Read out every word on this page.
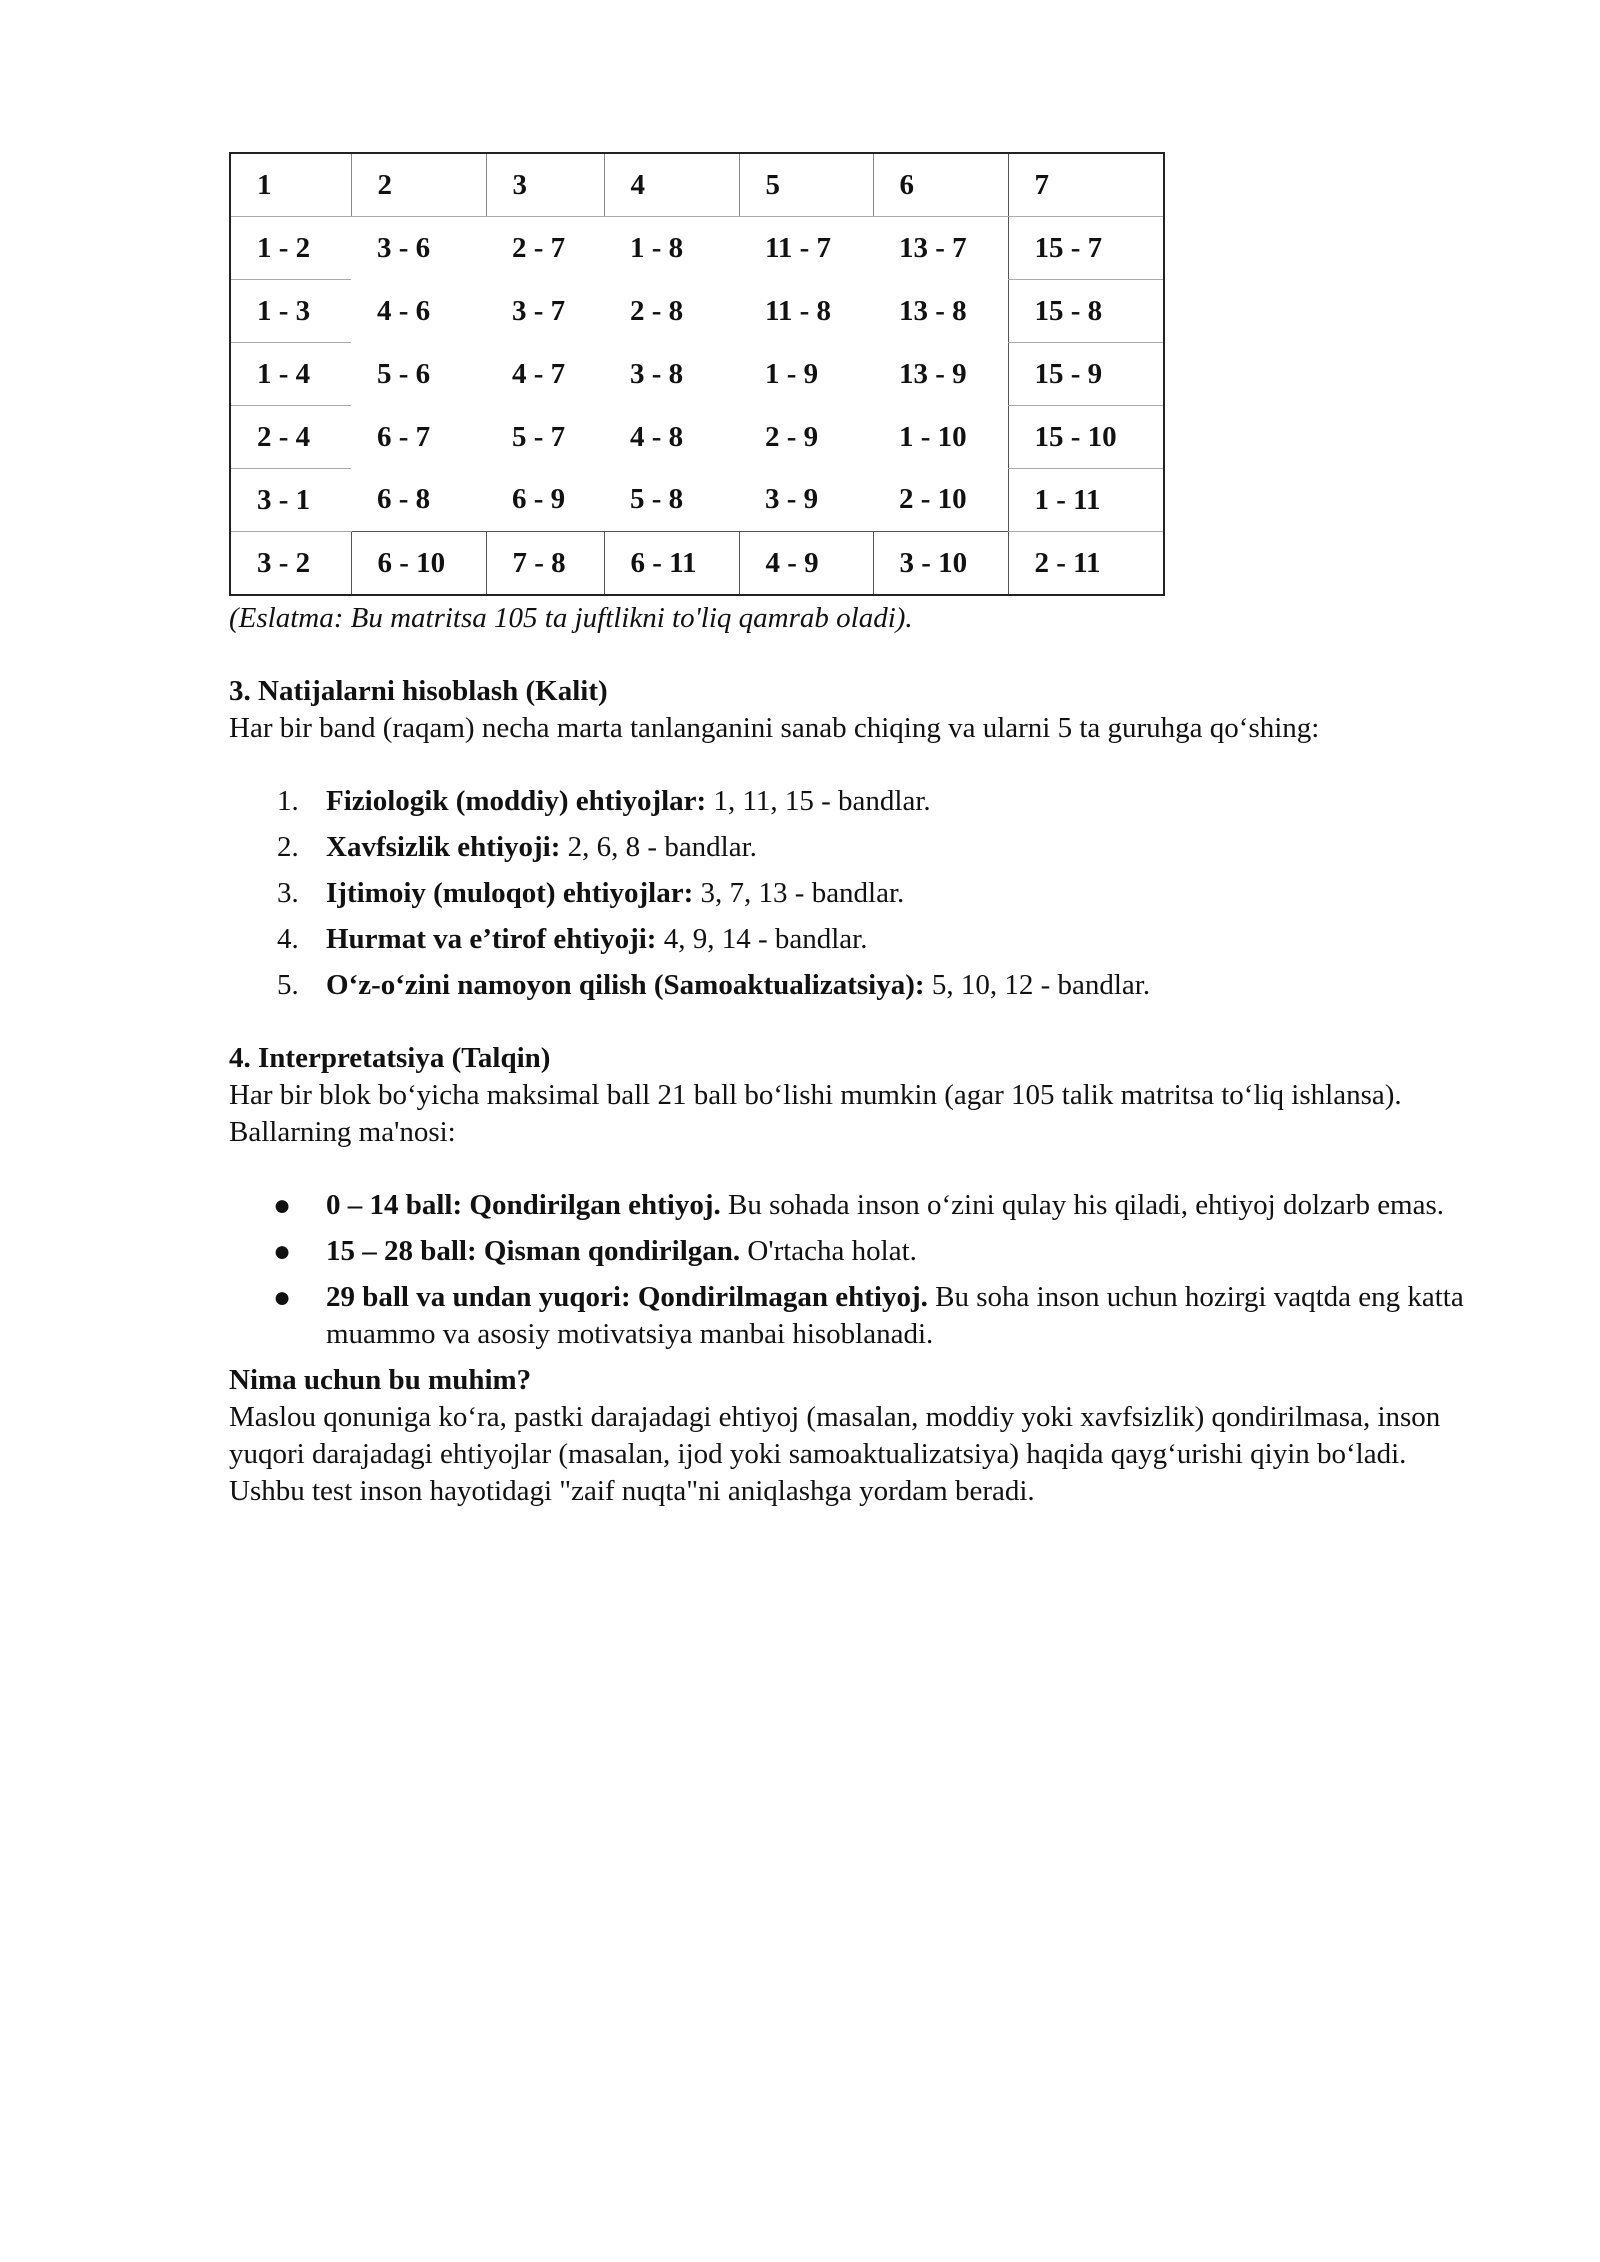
1	2	3	4	5	6	7
1 - 2	3 - 6	2 - 7	1 - 8	11 - 7	13 - 7	15 - 7
1 - 3	4 - 6	3 - 7	2 - 8	11 - 8	13 - 8	15 - 8
1 - 4	5 - 6	4 - 7	3 - 8	1 - 9	13 - 9	15 - 9
2 - 4	6 - 7	5 - 7	4 - 8	2 - 9	1 - 10	15 - 10
3 - 1	6 - 8	6 - 9	5 - 8	3 - 9	2 - 10	1 - 11
3 - 2	6 - 10	7 - 8	6 - 11	4 - 9	3 - 10	2 - 11

(Eslatma: Bu matritsa 105 ta juftlikni to'liq qamrab oladi).

3. Natijalarni hisoblash (Kalit)

Har bir band (raqam) necha marta tanlanganini sanab chiqing va ularni 5 ta guruhga qo‘shing:

1. Fiziologik (moddiy) ehtiyojlar: 1, 11, 15 - bandlar.
2. Xavfsizlik ehtiyoji: 2, 6, 8 - bandlar.
3. Ijtimoiy (muloqot) ehtiyojlar: 3, 7, 13 - bandlar.
4. Hurmat va e’tirof ehtiyoji: 4, 9, 14 - bandlar.
5. O‘z-o‘zini namoyon qilish (Samoaktualizatsiya): 5, 10, 12 - bandlar.

4. Interpretatsiya (Talqin)

Har bir blok bo‘yicha maksimal ball 21 ball bo‘lishi mumkin (agar 105 talik matritsa to‘liq ishlansa). Ballarning ma'nosi:

● 0 – 14 ball: Qondirilgan ehtiyoj. Bu sohada inson o‘zini qulay his qiladi, ehtiyoj dolzarb emas.
● 15 – 28 ball: Qisman qondirilgan. O'rtacha holat.
● 29 ball va undan yuqori: Qondirilmagan ehtiyoj. Bu soha inson uchun hozirgi vaqtda eng katta muammo va asosiy motivatsiya manbai hisoblanadi.

Nima uchun bu muhim?

Maslou qonuniga ko‘ra, pastki darajadagi ehtiyoj (masalan, moddiy yoki xavfsizlik) qondirilmasa, inson yuqori darajadagi ehtiyojlar (masalan, ijod yoki samoaktualizatsiya) haqida qayg‘urishi qiyin bo‘ladi. Ushbu test inson hayotidagi "zaif nuqta"ni aniqlashga yordam beradi.
